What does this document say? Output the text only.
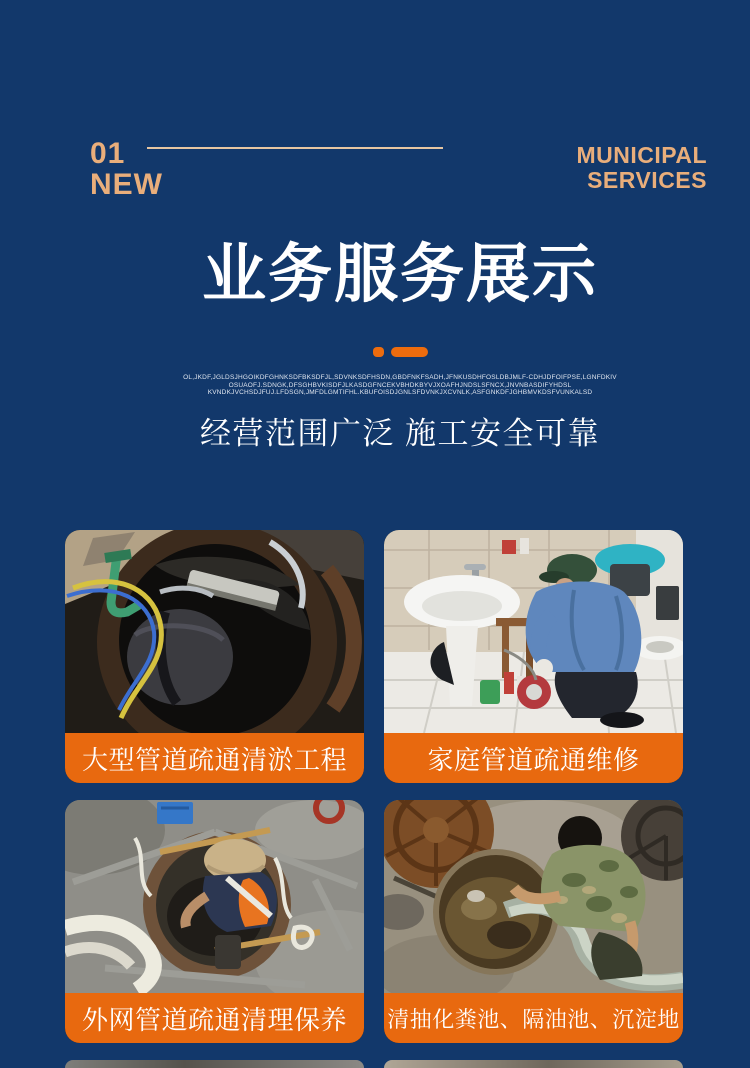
01
NEW
MUNICIPAL
SERVICES
业务服务展示
OL,JKDF,JGLDSJHGOIKDFGHNKSDFBKSDFJL,SDVNKSDFHSDN,GBDFNKFSADH,JFNKUSDHFOSLDBJMLF-CDHJDFOIFPSE,LGNFDKIV
OSUAOFJ.SDNGK,DFSGHBVKISDFJLKASDGFNCEKVBHDKBYVJXOAFHJNDSLSFNCX,JNVNBASDIFYHDSL
KVNDKJVCHSDJFUJ.LFDSGN,JMFDLGMTIFHL.KBUFOISDJGNLSFDVNKJXCVNLK,ASFGNKDFJGHBMVKDSFVUNKALSD
经营范围广泛 施工安全可靠
大型管道疏通清淤工程	家庭管道疏通维修
外网管道疏通清理保养	清抽化粪池、隔油池、沉淀地
